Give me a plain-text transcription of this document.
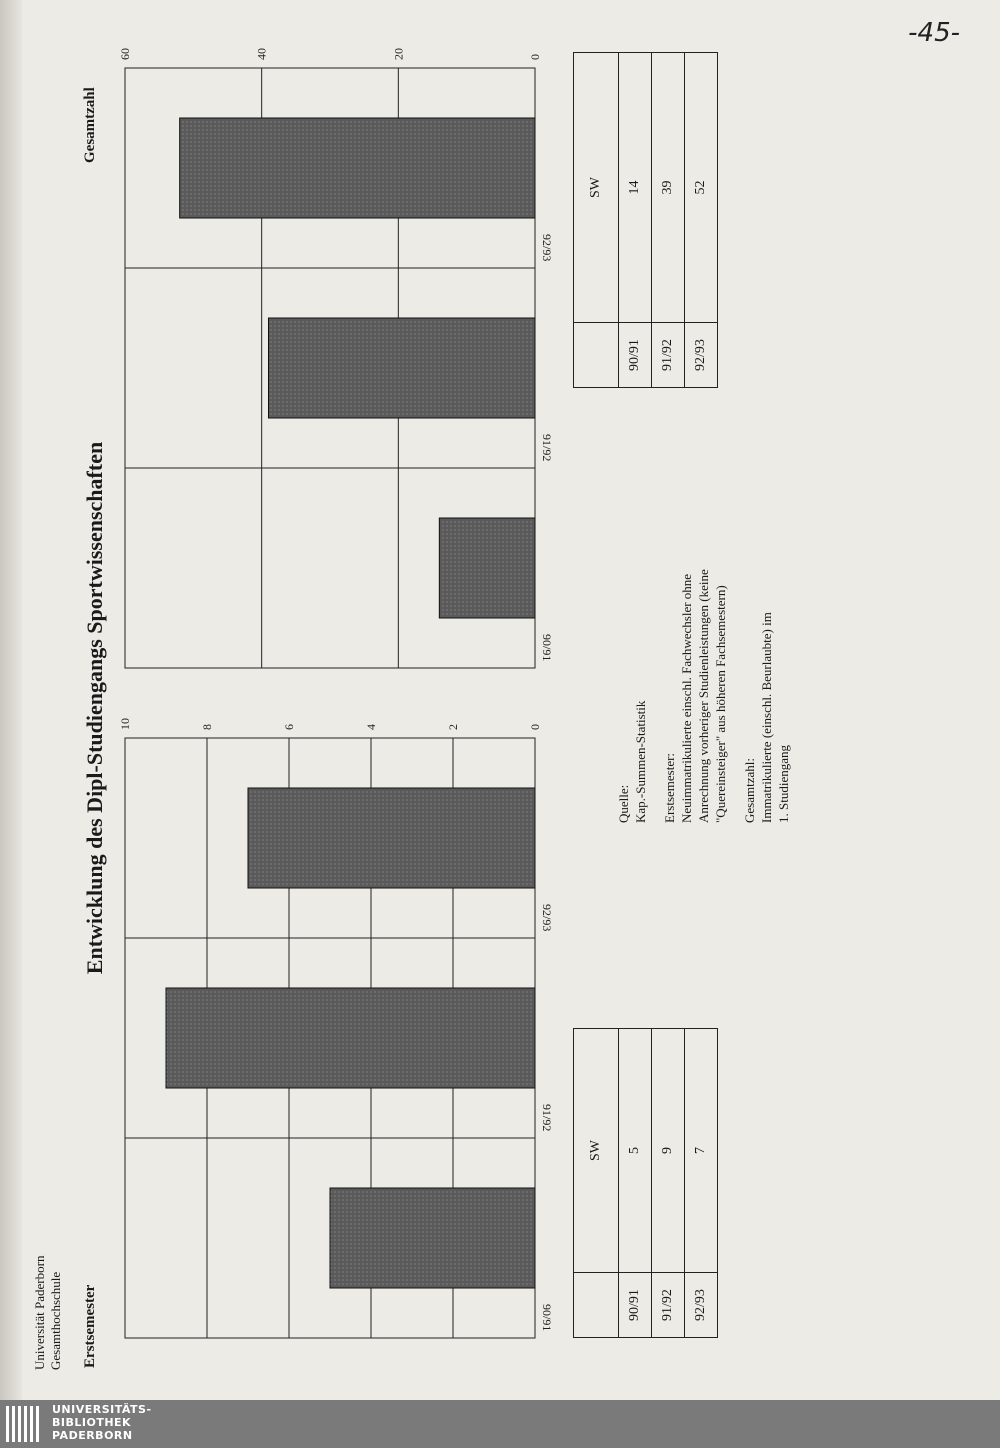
-45-
Universität Paderborn Gesamthochschule
Entwicklung des Dipl-Studiengangs Sportwissenschaften
Erstsemester
Gesamtzahl
0
2
4
6
8
10
90/91
91/92
92/93
0
20
40
60
90/91
91/92
92/93
	SW
90/91	5
91/92	9
92/93	7

Quelle: Kap.-Summen-Statistik Erstsemester: Neuimmatrikulierte einschl. Fachwechsler ohne Anrechnung vorheriger Studienleistungen (keine "Quereinsteiger" aus höheren Fachsemestern) Gesamtzahl: Immatrikulierte (einschl. Beurlaubte) im 1. Studiengang

	SW
90/91	14
91/92	39
92/93	52
UNIVERSITÄTS-
BIBLIOTHEK
PADERBORN
